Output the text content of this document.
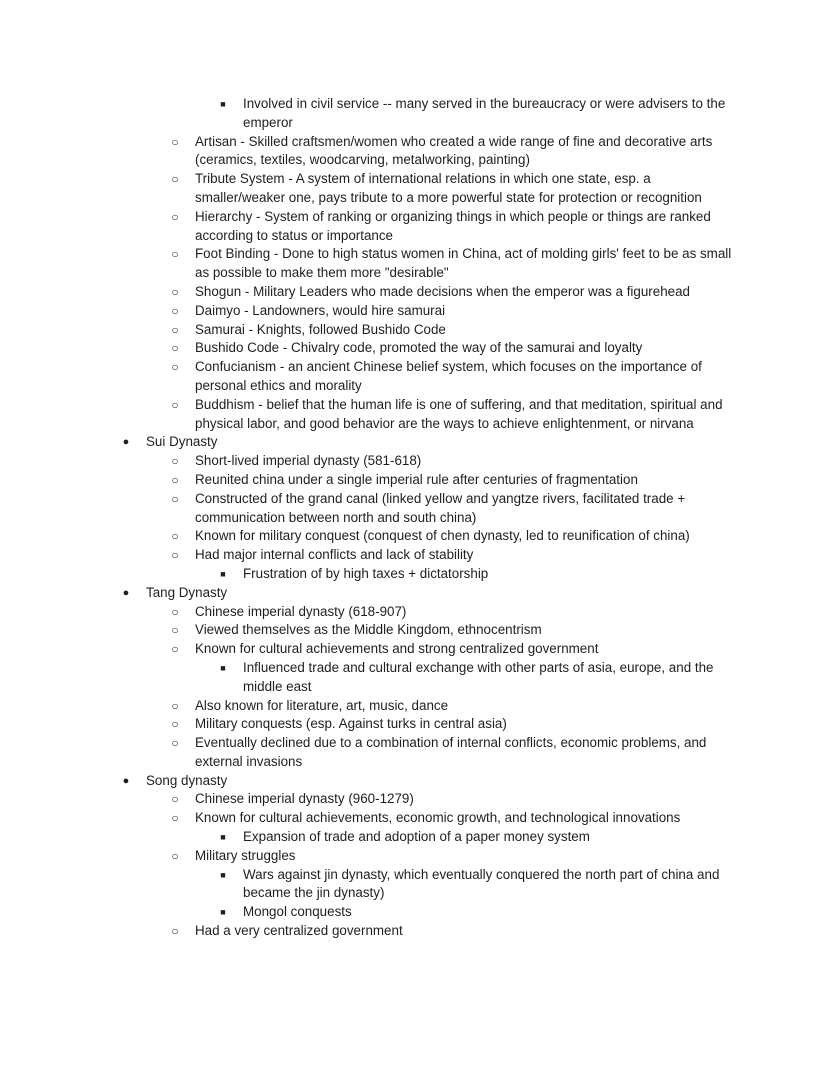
■	Involved in civil service -- many served in the bureaucracy or were advisers to the emperor
○ Artisan - Skilled craftsmen/women who created a wide range of fine and decorative arts (ceramics, textiles, woodcarving, metalworking, painting)
○ Tribute System - A system of international relations in which one state, esp. a smaller/weaker one, pays tribute to a more powerful state for protection or recognition
○ Hierarchy - System of ranking or organizing things in which people or things are ranked according to status or importance
○ Foot Binding - Done to high status women in China, act of molding girls' feet to be as small as possible to make them more "desirable"
○ Shogun - Military Leaders who made decisions when the emperor was a figurehead
○ Daimyo - Landowners, would hire samurai
○ Samurai - Knights, followed Bushido Code
○ Bushido Code - Chivalry code, promoted the way of the samurai and loyalty
○ Confucianism - an ancient Chinese belief system, which focuses on the importance of personal ethics and morality
○ Buddhism - belief that the human life is one of suffering, and that meditation, spiritual and physical labor, and good behavior are the ways to achieve enlightenment, or nirvana
● Sui Dynasty
○ Short-lived imperial dynasty (581-618)
○ Reunited china under a single imperial rule after centuries of fragmentation
○ Constructed of the grand canal (linked yellow and yangtze rivers, facilitated trade + communication between north and south china)
○ Known for military conquest (conquest of chen dynasty, led to reunification of china)
○ Had major internal conflicts and lack of stability
■	Frustration of by high taxes + dictatorship
● Tang Dynasty
○ Chinese imperial dynasty (618-907)
○ Viewed themselves as the Middle Kingdom, ethnocentrism
○ Known for cultural achievements and strong centralized government
■	Influenced trade and cultural exchange with other parts of asia, europe, and the middle east
○ Also known for literature, art, music, dance
○ Military conquests (esp. Against turks in central asia)
○ Eventually declined due to a combination of internal conflicts, economic problems, and external invasions
● Song dynasty
○ Chinese imperial dynasty (960-1279)
○ Known for cultural achievements, economic growth, and technological innovations
■	Expansion of trade and adoption of a paper money system
○ Military struggles
■	Wars against jin dynasty, which eventually conquered the north part of china and became the jin dynasty)
■	Mongol conquests
○ Had a very centralized government
